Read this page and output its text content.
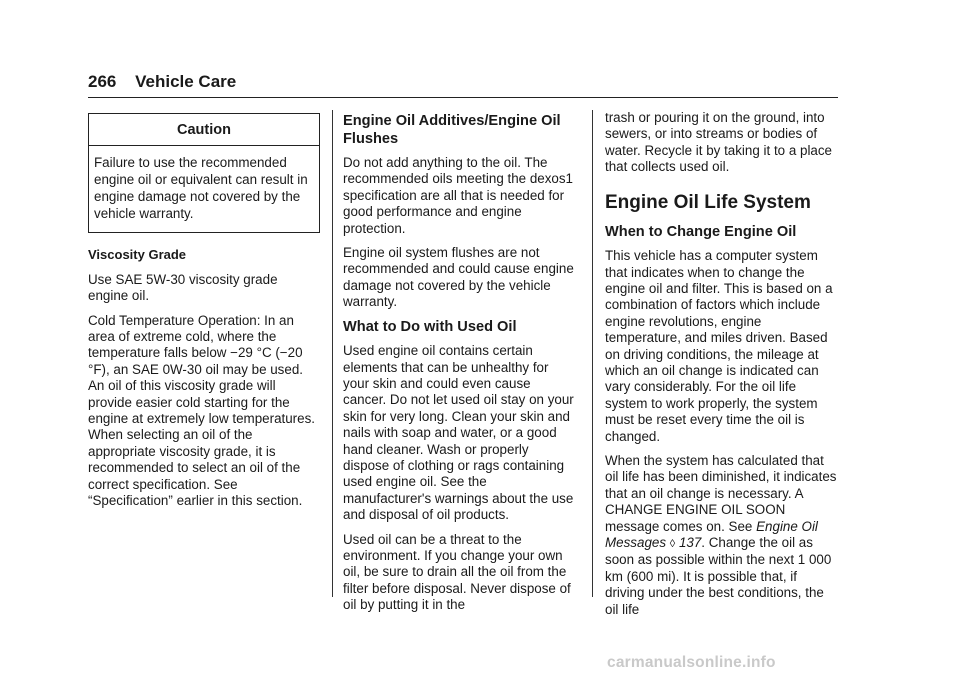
266 Vehicle Care
Caution
Failure to use the recommended engine oil or equivalent can result in engine damage not covered by the vehicle warranty.
Viscosity Grade

Use SAE 5W-30 viscosity grade engine oil.

Cold Temperature Operation: In an area of extreme cold, where the temperature falls below −29 °C (−20 °F), an SAE 0W-30 oil may be used. An oil of this viscosity grade will provide easier cold starting for the engine at extremely low temperatures. When selecting an oil of the appropriate viscosity grade, it is recommended to select an oil of the correct specification. See “Specification” earlier in this section.

Engine Oil Additives/Engine Oil Flushes

Do not add anything to the oil. The recommended oils meeting the dexos1 specification are all that is needed for good performance and engine protection.

Engine oil system flushes are not recommended and could cause engine damage not covered by the vehicle warranty.

What to Do with Used Oil

Used engine oil contains certain elements that can be unhealthy for your skin and could even cause cancer. Do not let used oil stay on your skin for very long. Clean your skin and nails with soap and water, or a good hand cleaner. Wash or properly dispose of clothing or rags containing used engine oil. See the manufacturer's warnings about the use and disposal of oil products.

Used oil can be a threat to the environment. If you change your own oil, be sure to drain all the oil from the filter before disposal. Never dispose of oil by putting it in the

trash or pouring it on the ground, into sewers, or into streams or bodies of water. Recycle it by taking it to a place that collects used oil.

Engine Oil Life System
When to Change Engine Oil

This vehicle has a computer system that indicates when to change the engine oil and filter. This is based on a combination of factors which include engine revolutions, engine temperature, and miles driven. Based on driving conditions, the mileage at which an oil change is indicated can vary considerably. For the oil life system to work properly, the system must be reset every time the oil is changed.

When the system has calculated that oil life has been diminished, it indicates that an oil change is necessary. A CHANGE ENGINE OIL SOON message comes on. See Engine Oil Messages ◊ 137. Change the oil as soon as possible within the next 1 000 km (600 mi). It is possible that, if driving under the best conditions, the oil life

carmanualsonline.info
